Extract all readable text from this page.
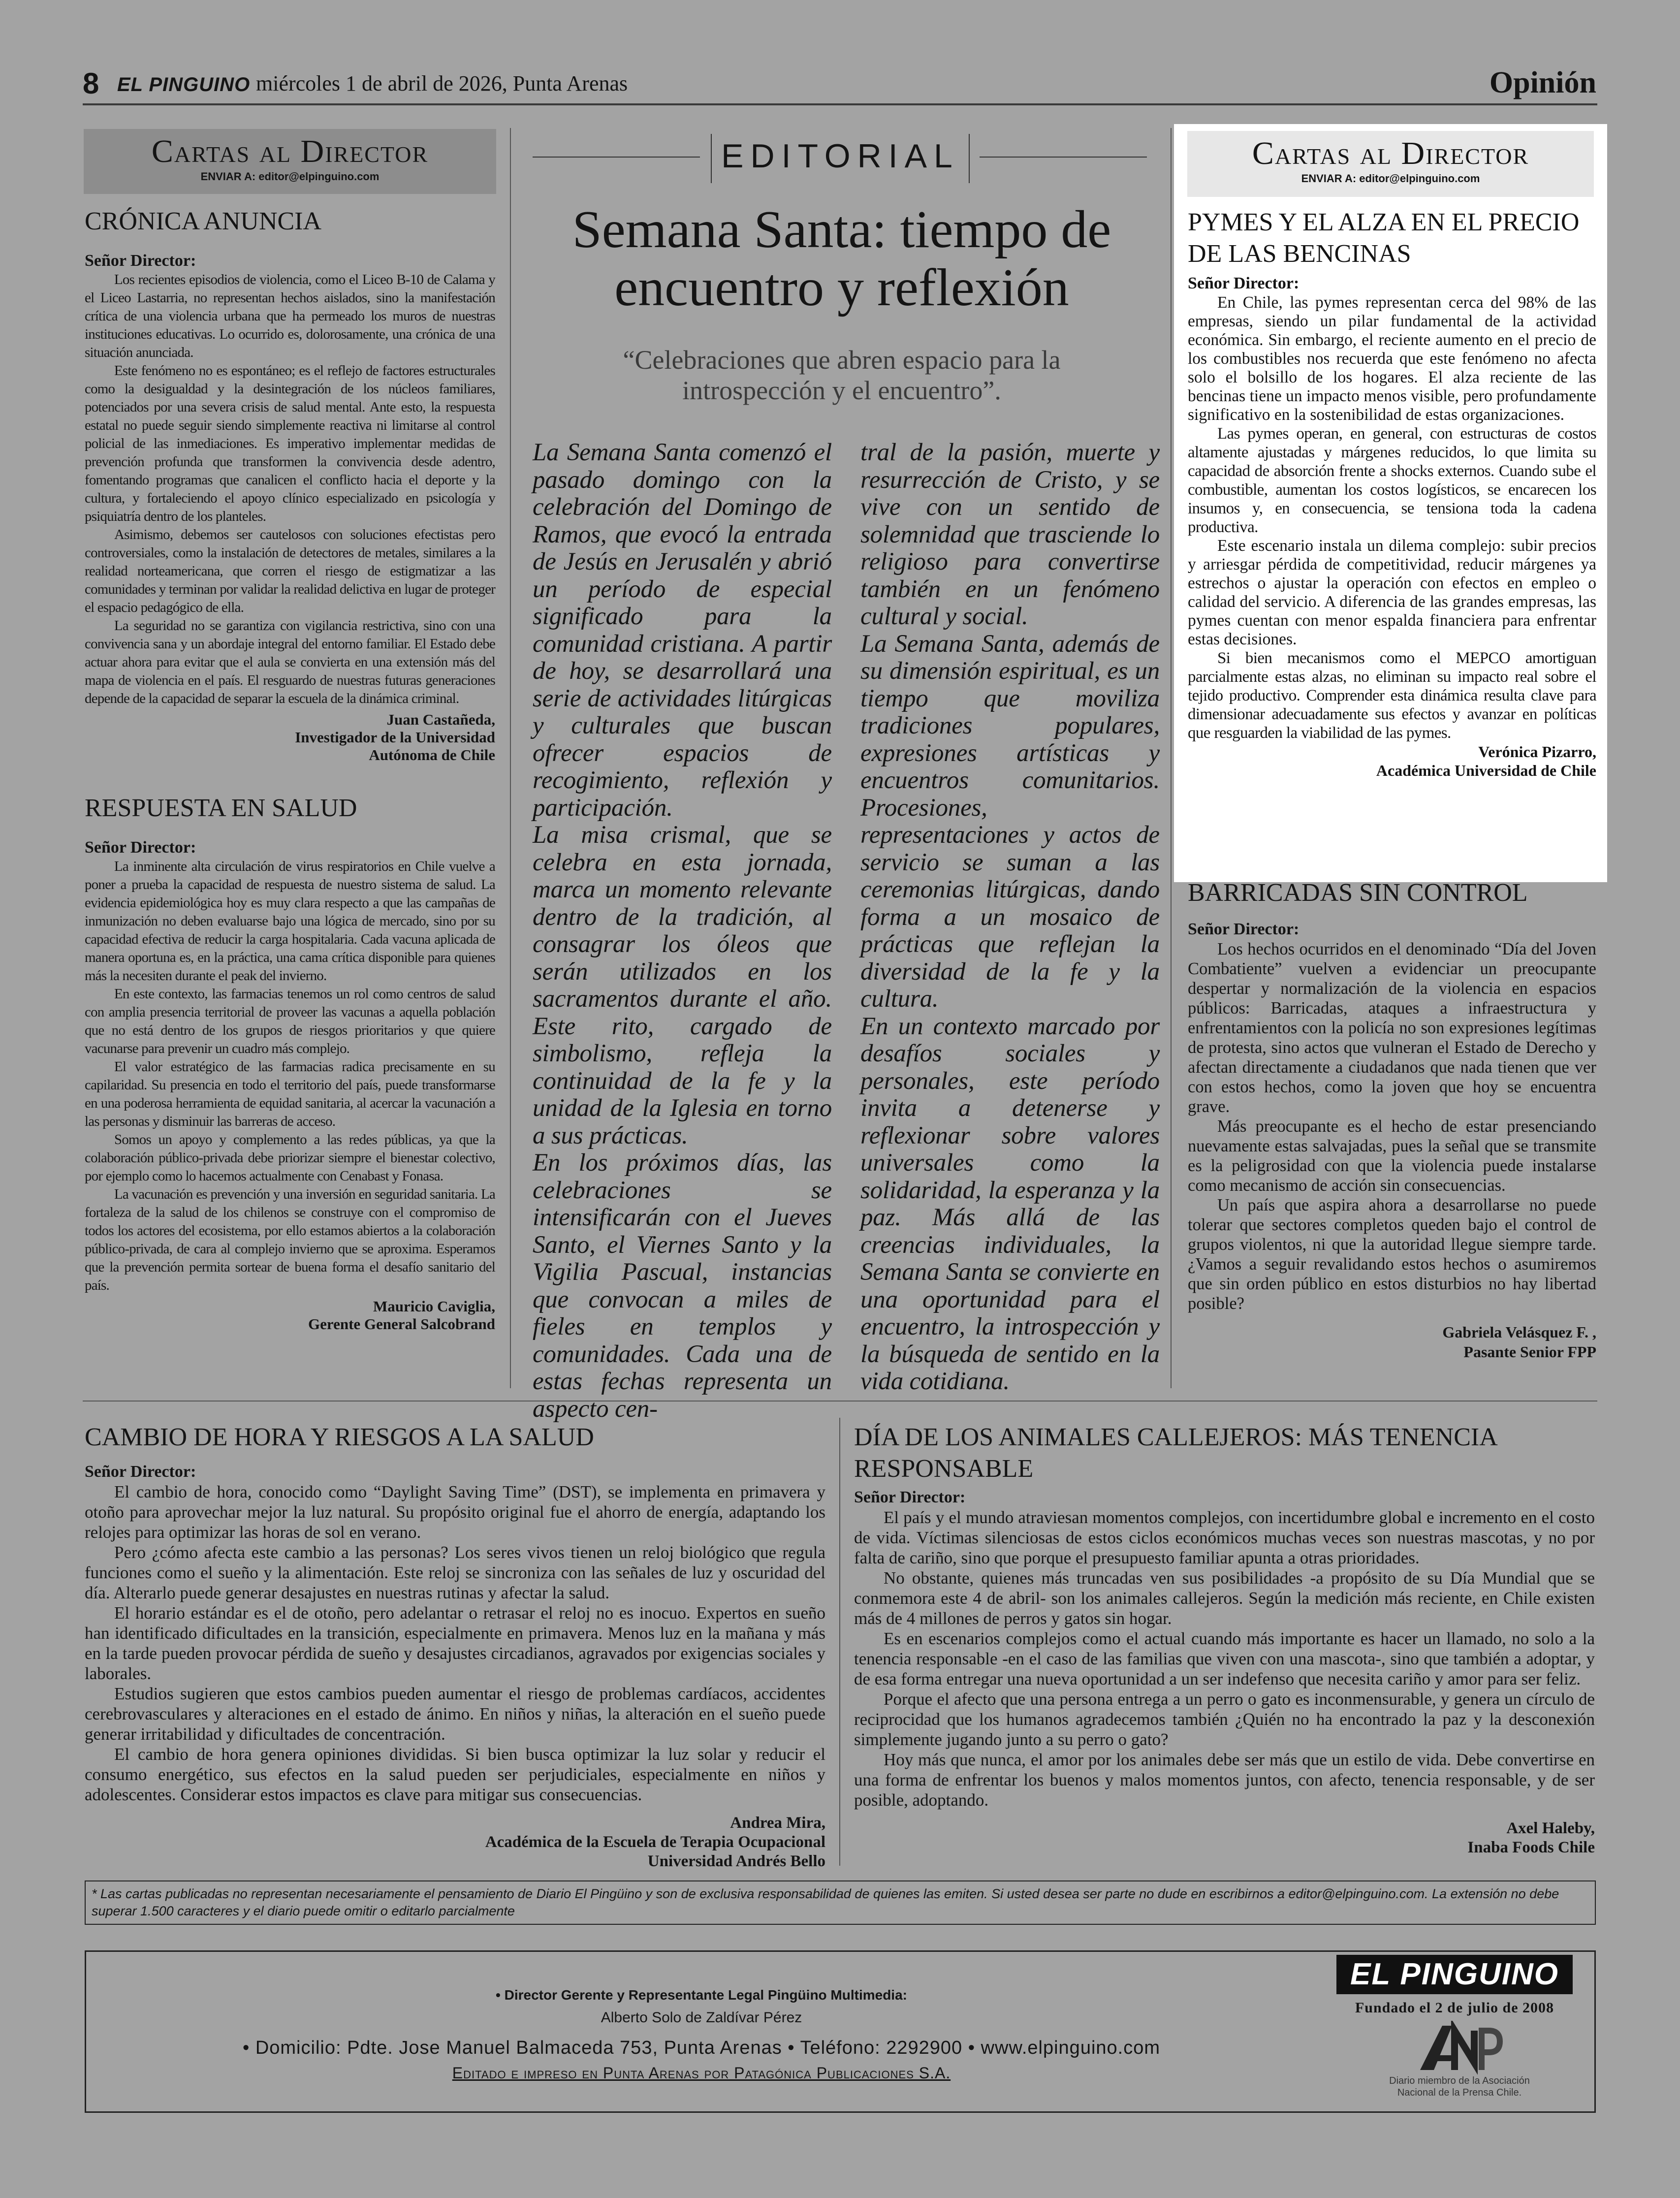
8 EL PINGUINO miércoles 1 de abril de 2026, Punta Arenas	Opinión
Cartas al Director
ENVIAR A: editor@elpinguino.com
CRÓNICA ANUNCIA
Señor Director:

Los recientes episodios de violencia, como el Liceo B-10 de Calama y el Liceo Lastarria, no representan hechos aislados, sino la manifestación crítica de una violencia urbana que ha permeado los muros de nuestras instituciones educativas. Lo ocurrido es, dolorosamente, una crónica de una situación anunciada.

Este fenómeno no es espontáneo; es el reflejo de factores estructurales como la desigualdad y la desintegración de los núcleos familiares, potenciados por una severa crisis de salud mental. Ante esto, la respuesta estatal no puede seguir siendo simplemente reactiva ni limitarse al control policial de las inmediaciones. Es imperativo implementar medidas de prevención profunda que transformen la convivencia desde adentro, fomentando programas que canalicen el conflicto hacia el deporte y la cultura, y fortaleciendo el apoyo clínico especializado en psicología y psiquiatría dentro de los planteles.

Asimismo, debemos ser cautelosos con soluciones efectistas pero controversiales, como la instalación de detectores de metales, similares a la realidad norteamericana, que corren el riesgo de estigmatizar a las comunidades y terminan por validar la realidad delictiva en lugar de proteger el espacio pedagógico de ella.

La seguridad no se garantiza con vigilancia restrictiva, sino con una convivencia sana y un abordaje integral del entorno familiar. El Estado debe actuar ahora para evitar que el aula se convierta en una extensión más del mapa de violencia en el país. El resguardo de nuestras futuras generaciones depende de la capacidad de separar la escuela de la dinámica criminal.

Juan Castañeda,
Investigador de la Universidad
Autónoma de Chile
RESPUESTA EN SALUD
Señor Director:

La inminente alta circulación de virus respiratorios en Chile vuelve a poner a prueba la capacidad de respuesta de nuestro sistema de salud. La evidencia epidemiológica hoy es muy clara respecto a que las campañas de inmunización no deben evaluarse bajo una lógica de mercado, sino por su capacidad efectiva de reducir la carga hospitalaria. Cada vacuna aplicada de manera oportuna es, en la práctica, una cama crítica disponible para quienes más la necesiten durante el peak del invierno.

En este contexto, las farmacias tenemos un rol como centros de salud con amplia presencia territorial de proveer las vacunas a aquella población que no está dentro de los grupos de riesgos prioritarios y que quiere vacunarse para prevenir un cuadro más complejo.

El valor estratégico de las farmacias radica precisamente en su capilaridad. Su presencia en todo el territorio del país, puede transformarse en una poderosa herramienta de equidad sanitaria, al acercar la vacunación a las personas y disminuir las barreras de acceso.

Somos un apoyo y complemento a las redes públicas, ya que la colaboración público-privada debe priorizar siempre el bienestar colectivo, por ejemplo como lo hacemos actualmente con Cenabast y Fonasa.

La vacunación es prevención y una inversión en seguridad sanitaria. La fortaleza de la salud de los chilenos se construye con el compromiso de todos los actores del ecosistema, por ello estamos abiertos a la colaboración público-privada, de cara al complejo invierno que se aproxima. Esperamos que la prevención permita sortear de buena forma el desafío sanitario del país.

Mauricio Caviglia,
Gerente General Salcobrand
EDITORIAL
Semana Santa: tiempo de encuentro y reflexión
“Celebraciones que abren espacio para la introspección y el encuentro”.

La Semana Santa comenzó el pasado domingo con la celebración del Domingo de Ramos, que evocó la entrada de Jesús en Jerusalén y abrió un período de especial significado para la comunidad cristiana. A partir de hoy, se desarrollará una serie de actividades litúrgicas y culturales que buscan ofrecer espacios de recogimiento, reflexión y participación.

La misa crismal, que se celebra en esta jornada, marca un momento relevante dentro de la tradición, al consagrar los óleos que serán utilizados en los sacramentos durante el año. Este rito, cargado de simbolismo, refleja la continuidad de la fe y la unidad de la Iglesia en torno a sus prácticas.

En los próximos días, las celebraciones se intensificarán con el Jueves Santo, el Viernes Santo y la Vigilia Pascual, instancias que convocan a miles de fieles en templos y comunidades. Cada una de estas fechas representa un aspecto cen-

tral de la pasión, muerte y resurrección de Cristo, y se vive con un sentido de solemnidad que trasciende lo religioso para convertirse también en un fenómeno cultural y social.

La Semana Santa, además de su dimensión espiritual, es un tiempo que moviliza tradiciones populares, expresiones artísticas y encuentros comunitarios. Procesiones, representaciones y actos de servicio se suman a las ceremonias litúrgicas, dando forma a un mosaico de prácticas que reflejan la diversidad de la fe y la cultura.

En un contexto marcado por desafíos sociales y personales, este período invita a detenerse y reflexionar sobre valores universales como la solidaridad, la esperanza y la paz. Más allá de las creencias individuales, la Semana Santa se convierte en una oportunidad para el encuentro, la introspección y la búsqueda de sentido en la vida cotidiana.

Cartas al Director
ENVIAR A: editor@elpinguino.com
PYMES Y EL ALZA EN EL PRECIO DE LAS BENCINAS
Señor Director:

En Chile, las pymes representan cerca del 98% de las empresas, siendo un pilar fundamental de la actividad económica. Sin embargo, el reciente aumento en el precio de los combustibles nos recuerda que este fenómeno no afecta solo el bolsillo de los hogares. El alza reciente de las bencinas tiene un impacto menos visible, pero profundamente significativo en la sostenibilidad de estas organizaciones.

Las pymes operan, en general, con estructuras de costos altamente ajustadas y márgenes reducidos, lo que limita su capacidad de absorción frente a shocks externos. Cuando sube el combustible, aumentan los costos logísticos, se encarecen los insumos y, en consecuencia, se tensiona toda la cadena productiva.

Este escenario instala un dilema complejo: subir precios y arriesgar pérdida de competitividad, reducir márgenes ya estrechos o ajustar la operación con efectos en empleo o calidad del servicio. A diferencia de las grandes empresas, las pymes cuentan con menor espalda financiera para enfrentar estas decisiones.

Si bien mecanismos como el MEPCO amortiguan parcialmente estas alzas, no eliminan su impacto real sobre el tejido productivo. Comprender esta dinámica resulta clave para dimensionar adecuadamente sus efectos y avanzar en políticas que resguarden la viabilidad de las pymes.

Verónica Pizarro,
Académica Universidad de Chile
BARRICADAS SIN CONTROL
Señor Director:

Los hechos ocurridos en el denominado “Día del Joven Combatiente” vuelven a evidenciar un preocupante despertar y normalización de la violencia en espacios públicos: Barricadas, ataques a infraestructura y enfrentamientos con la policía no son expresiones legítimas de protesta, sino actos que vulneran el Estado de Derecho y afectan directamente a ciudadanos que nada tienen que ver con estos hechos, como la joven que hoy se encuentra grave.

Más preocupante es el hecho de estar presenciando nuevamente estas salvajadas, pues la señal que se transmite es la peligrosidad con que la violencia puede instalarse como mecanismo de acción sin consecuencias.

Un país que aspira ahora a desarrollarse no puede tolerar que sectores completos queden bajo el control de grupos violentos, ni que la autoridad llegue siempre tarde. ¿Vamos a seguir revalidando estos hechos o asumiremos que sin orden público en estos disturbios no hay libertad posible?

Gabriela Velásquez F. ,
Pasante Senior FPP
CAMBIO DE HORA Y RIESGOS A LA SALUD
Señor Director:

El cambio de hora, conocido como “Daylight Saving Time” (DST), se implementa en primavera y otoño para aprovechar mejor la luz natural. Su propósito original fue el ahorro de energía, adaptando los relojes para optimizar las horas de sol en verano.

Pero ¿cómo afecta este cambio a las personas? Los seres vivos tienen un reloj biológico que regula funciones como el sueño y la alimentación. Este reloj se sincroniza con las señales de luz y oscuridad del día. Alterarlo puede generar desajustes en nuestras rutinas y afectar la salud.

El horario estándar es el de otoño, pero adelantar o retrasar el reloj no es inocuo. Expertos en sueño han identificado dificultades en la transición, especialmente en primavera. Menos luz en la mañana y más en la tarde pueden provocar pérdida de sueño y desajustes circadianos, agravados por exigencias sociales y laborales.

Estudios sugieren que estos cambios pueden aumentar el riesgo de problemas cardíacos, accidentes cerebrovasculares y alteraciones en el estado de ánimo. En niños y niñas, la alteración en el sueño puede generar irritabilidad y dificultades de concentración.

El cambio de hora genera opiniones divididas. Si bien busca optimizar la luz solar y reducir el consumo energético, sus efectos en la salud pueden ser perjudiciales, especialmente en niños y adolescentes. Considerar estos impactos es clave para mitigar sus consecuencias.

Andrea Mira,
Académica de la Escuela de Terapia Ocupacional
Universidad Andrés Bello
DÍA DE LOS ANIMALES CALLEJEROS: MÁS TENENCIA RESPONSABLE
Señor Director:

El país y el mundo atraviesan momentos complejos, con incertidumbre global e incremento en el costo de vida. Víctimas silenciosas de estos ciclos económicos muchas veces son nuestras mascotas, y no por falta de cariño, sino que porque el presupuesto familiar apunta a otras prioridades.

No obstante, quienes más truncadas ven sus posibilidades -a propósito de su Día Mundial que se conmemora este 4 de abril- son los animales callejeros. Según la medición más reciente, en Chile existen más de 4 millones de perros y gatos sin hogar.

Es en escenarios complejos como el actual cuando más importante es hacer un llamado, no solo a la tenencia responsable -en el caso de las familias que viven con una mascota-, sino que también a adoptar, y de esa forma entregar una nueva oportunidad a un ser indefenso que necesita cariño y amor para ser feliz.

Porque el afecto que una persona entrega a un perro o gato es inconmensurable, y genera un círculo de reciprocidad que los humanos agradecemos también ¿Quién no ha encontrado la paz y la desconexión simplemente jugando junto a su perro o gato?

Hoy más que nunca, el amor por los animales debe ser más que un estilo de vida. Debe convertirse en una forma de enfrentar los buenos y malos momentos juntos, con afecto, tenencia responsable, y de ser posible, adoptando.

Axel Haleby,
Inaba Foods Chile
* Las cartas publicadas no representan necesariamente el pensamiento de Diario El Pingüino y son de exclusiva responsabilidad de quienes las emiten. Si usted desea ser parte no dude en escribirnos a editor@elpinguino.com. La extensión no debe superar 1.500 caracteres y el diario puede omitir o editarlo parcialmente
• Director Gerente y Representante Legal Pingüino Multimedia:
Alberto Solo de Zaldívar Pérez
• Domicilio: Pdte. Jose Manuel Balmaceda 753, Punta Arenas • Teléfono: 2292900 • www.elpinguino.com
Editado e impreso en Punta Arenas por Patagónica Publicaciones S.A.
EL PINGUINO
Fundado el 2 de julio de 2008
Diario miembro de la Asociación Nacional de la Prensa Chile.
